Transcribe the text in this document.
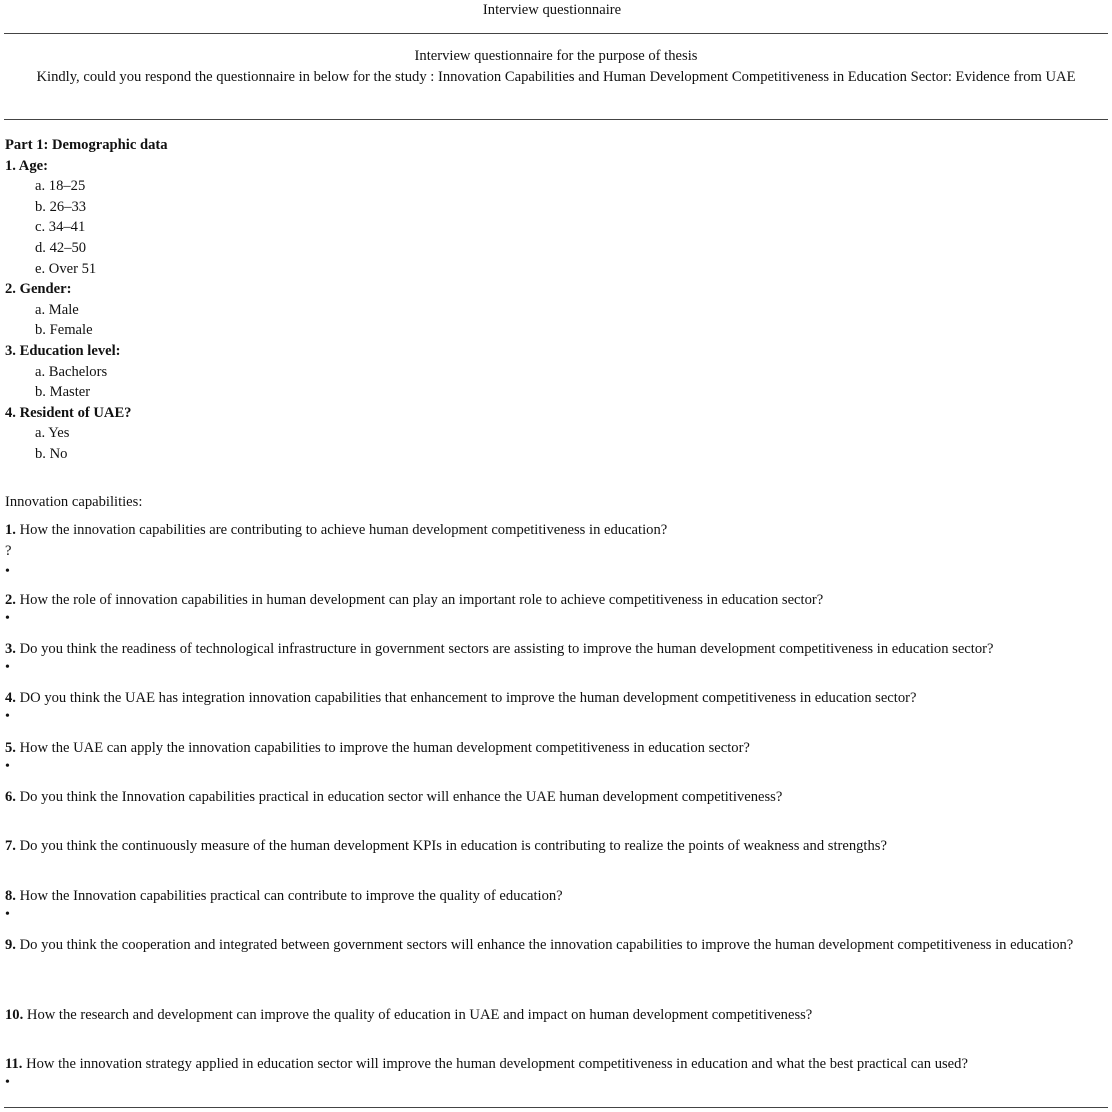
Interview questionnaire
Interview questionnaire for the purpose of thesis
Kindly, could you respond the questionnaire in below for the study : Innovation Capabilities and Human Development Competitiveness in Education Sector: Evidence from UAE
Part 1: Demographic data
1. Age:
a. 18–25
b. 26–33
c. 34–41
d. 42–50
e. Over 51
2. Gender:
a. Male
b. Female
3. Education level:
a. Bachelors
b. Master
4. Resident of UAE?
a. Yes
b. No
Innovation capabilities:
1. How the innovation capabilities are contributing to achieve human development competitiveness in education?
?
•
2. How the role of innovation capabilities in human development can play an important role to achieve competitiveness in education sector?
•
3. Do you think the readiness of technological infrastructure in government sectors are assisting to improve the human development competitiveness in education sector?
•
4. DO you think the UAE has integration innovation capabilities that enhancement to improve the human development competitiveness in education sector?
•
5. How the UAE can apply the innovation capabilities to improve the human development competitiveness in education sector?
•
6. Do you think the Innovation capabilities practical in education sector will enhance the UAE human development competitiveness?
7. Do you think the continuously measure of the human development KPIs in education is contributing to realize the points of weakness and strengths?
8. How the Innovation capabilities practical can contribute to improve the quality of education?
•
9. Do you think the cooperation and integrated between government sectors will enhance the innovation capabilities to improve the human development competitiveness in education?
10. How the research and development can improve the quality of education in UAE and impact on human development competitiveness?
11. How the innovation strategy applied in education sector will improve the human development competitiveness in education and what the best practical can used?
•
